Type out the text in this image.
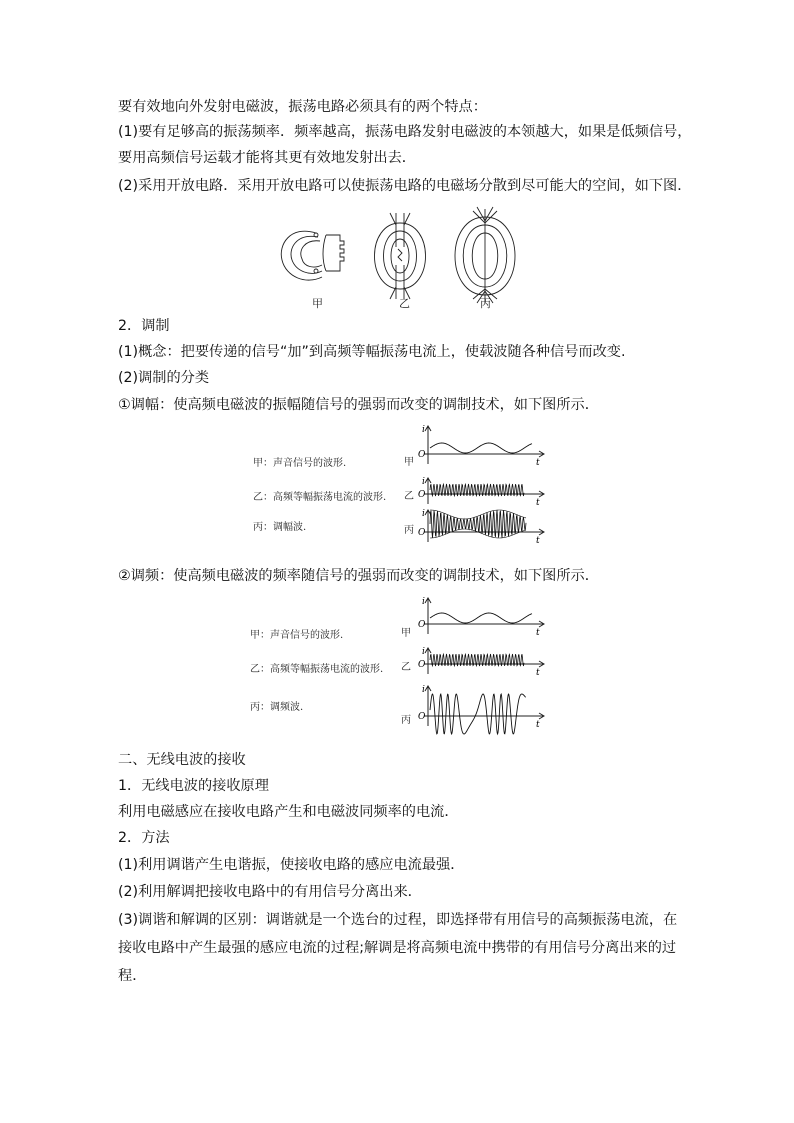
要有效地向外发射电磁波，振荡电路必须具有的两个特点：
(1)要有足够高的振荡频率．频率越高，振荡电路发射电磁波的本领越大，如果是低频信号，
要用高频信号运载才能将其更有效地发射出去．
(2)采用开放电路．采用开放电路可以使振荡电路的电磁场分散到尽可能大的空间，如下图．
甲	乙	丙
2．调制
(1)概念：把要传递的信号“加”到高频等幅振荡电流上，使载波随各种信号而改变.
(2)调制的分类
①调幅：使高频电磁波的振幅随信号的强弱而改变的调制技术，如下图所示．
甲：声音信号的波形.
乙：高频等幅振荡电流的波形.
丙：调幅波.
甲
乙
丙
i
t
O
i
t
O
i
t
O
②调频：使高频电磁波的频率随信号的强弱而改变的调制技术，如下图所示．
甲：声音信号的波形.
乙：高频等幅振荡电流的波形.
丙：调频波.
甲
乙
丙
i
t
O
i
t
O
i
t
O
二、无线电波的接收
1．无线电波的接收原理
利用电磁感应在接收电路产生和电磁波同频率的电流．
2．方法
(1)利用调谐产生电谐振，使接收电路的感应电流最强．
(2)利用解调把接收电路中的有用信号分离出来．
(3)调谐和解调的区别：调谐就是一个选台的过程，即选择带有用信号的高频振荡电流，在
接收电路中产生最强的感应电流的过程;解调是将高频电流中携带的有用信号分离出来的过
程．
